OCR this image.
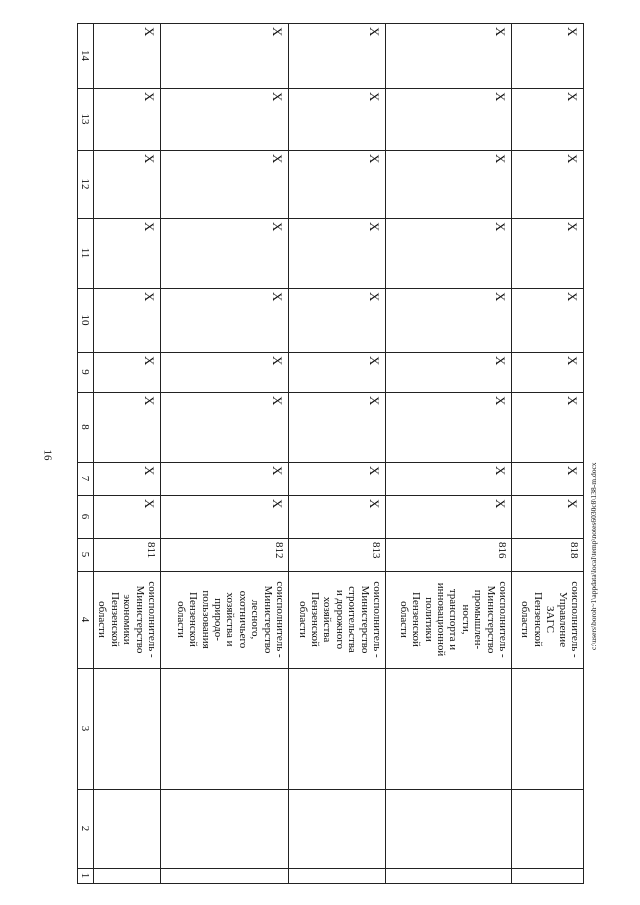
16
c:\users\boroh~1\appdata\local\temp\notes6030c8\138-m.docx
14
13
12
11
10
9
8
7
6
5
4
3
2
1
X
X
X
X
X
X
X
X
X
811
соисполнитель -
Министерство
экономики
Пензенской
области
X
X
X
X
X
X
X
X
X
812
соисполнитель -
Министерство
лесного,
охотничьего
хозяйства и
природо-
пользования
Пензенской
области
X
X
X
X
X
X
X
X
X
813
соисполнитель -
Министерство
строительства
и дорожного
хозяйства
Пензенской
области
X
X
X
X
X
X
X
X
X
816
соисполнитель -
Министерство
промышлен-
ности,
транспорта и
инновационной
политики
Пензенской
области
X
X
X
X
X
X
X
X
X
818
соисполнитель -
Управление
ЗАГС
Пензенской
области
